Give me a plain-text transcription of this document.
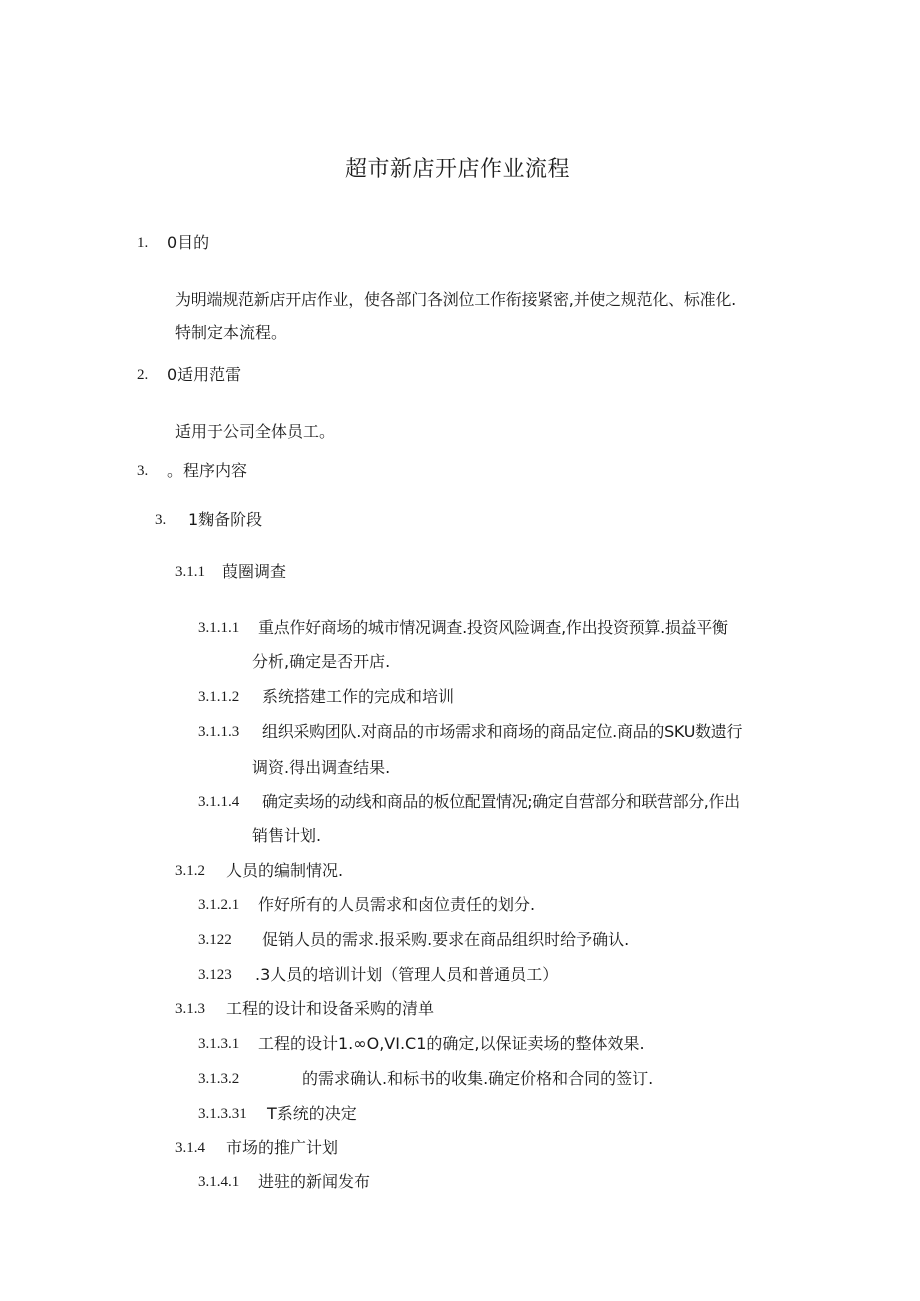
超市新店开店作业流程
1. 0目的
为明端规范新店开店作业，使各部门各浏位工作衔接紧密,并使之规范化、标准化.
特制定本流程。
2. 0适用范雷
适用于公司全体员工。
3. 。程序内容
3. 1麴备阶段
3.1.1 葭圈调查
3.1.1.1 重点作好商场的城市情况调查.投资风险调查,作出投资预算.损益平衡
分析,确定是否开店.
3.1.1.2 系统搭建工作的完成和培训
3.1.1.3 组织采购团队.对商品的市场需求和商场的商品定位.商品的SKU数遗行
调资.得出调查结果.
3.1.1.4 确定卖场的动线和商品的板位配置情况;确定自营部分和联营部分,作出
销售计划.
3.1.2 人员的编制情况.
3.1.2.1 作好所有的人员需求和卤位责任的划分.
3.122 促销人员的需求.报采购.要求在商品组织时给予确认.
3.123 .3人员的培训计划（管理人员和普通员工）
3.1.3 工程的设计和设备采购的清单
3.1.3.1 工程的设计1.∞O,VI.C1的确定,以保证卖场的整体效果.
3.1.3.2	的需求确认.和标书的收集.确定价格和合同的签订.
3.1.3.31 T系统的决定
3.1.4 市场的推广计划
3.1.4.1 进驻的新闻发布
